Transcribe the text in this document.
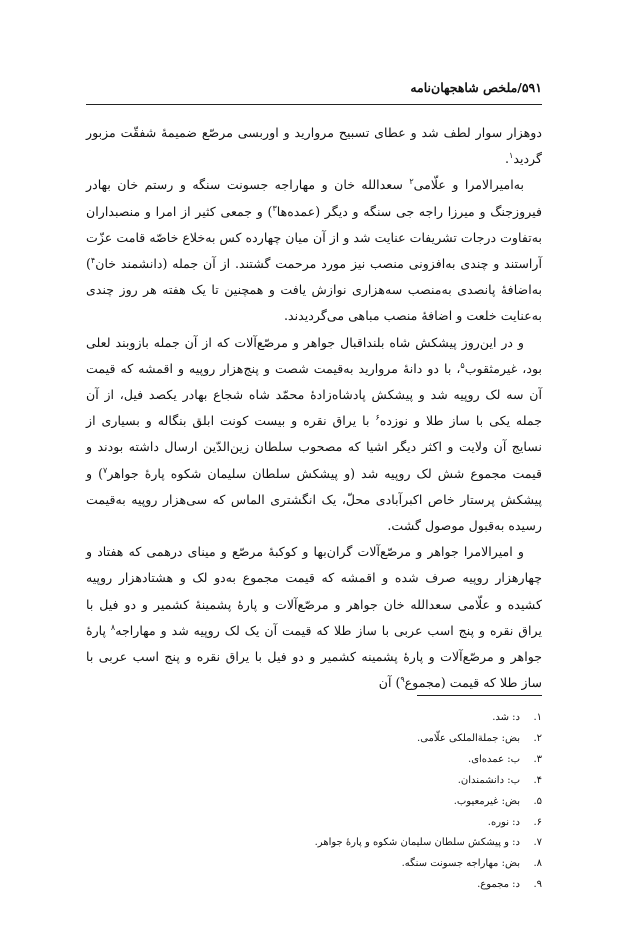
۵۹۱/ملخص شاهجهان‌نامه

دوهزار سوار لطف شد و عطای تسبیح مروارید و اوربسی مرصّع ضمیمۀ شفقّت مزبور گردید$^۱$.

به‌امیرالامرا و علّامی$^۲$ سعدالله خان و مهاراجه جسونت سنگه و رستم خان بهادر فیروزجنگ و میرزا راجه جی سنگه و دیگر (عمده‌ها$^۳$) و جمعی کثیر از امرا و منصبداران به‌تفاوت درجات تشریفات عنایت شد و از آن میان چهارده کس به‌خلاع خاصّه قامت عزّت آراستند و چندی به‌افزونی منصب نیز مورد مرحمت گشتند. از آن جمله (دانشمند خان$^۴$) به‌اضافۀ پانصدی به‌منصب سه‌هزاری نوازش یافت و همچنین تا یک هفته هر روز چندی به‌عنایت خلعت و اضافۀ منصب مباهی می‌گردیدند.

و در این‌روز پیشکش شاه بلنداقبال جواهر و مرصّع‌آلات که از آن جمله بازوبند لعلی بود، غیرمثقوب$^۵$، با دو دانۀ مروارید به‌قیمت شصت و پنج‌هزار روپیه و اقمشه که قیمت آن سه لک روپیه شد و پیشکش پادشاه‌زادۀ محمّد شاه شجاع بهادر یکصد فیل، از آن جمله یکی با ساز طلا و نوزده$^۶$ با یراق نقره و بیست کونت ابلق بنگاله و بسیاری از نسایج آن ولایت و اکثر دیگر اشیا که مصحوب سلطان زین‌الدّین ارسال داشته بودند و قیمت مجموع شش لک روپیه شد (و پیشکش سلطان سلیمان شکوه پارۀ جواهر$^۷$) و پیشکش پرستار خاص اکبرآبادی محلّ، یک انگشتری الماس که سی‌هزار روپیه به‌قیمت رسیده به‌قبول موصول گشت.

و امیرالامرا جواهر و مرصّع‌آلات گران‌بها و کوکبۀ مرصّع و مینای درهمی که هفتاد و چهارهزار روپیه صرف شده و اقمشه که قیمت مجموع به‌دو لک و هشتادهزار روپیه کشیده و علّامی سعدالله خان جواهر و مرصّع‌آلات و پارۀ پشمینۀ کشمیر و دو فیل با یراق نقره و پنج اسب عربی با ساز طلا که قیمت آن یک لک روپیه شد و مهاراجه$^۸$ پارۀ جواهر و مرصّع‌آلات و پارۀ پشمینه کشمیر و دو فیل با یراق نقره و پنج اسب عربی با ساز طلا که قیمت (مجموع$^۹$) آن

۱.د: شد.
۲.بض: جملةالملکی علّامی.
۳.ب: عمده‌ای.
۴.ب: دانشمندان.
۵.بض: غیرمعیوب.
۶.د: نوره.
۷.د: و پیشکش سلطان سلیمان شکوه و پارۀ جواهر.
۸.بض: مهاراجه جسونت سنگه.
۹.د: مجموع.
